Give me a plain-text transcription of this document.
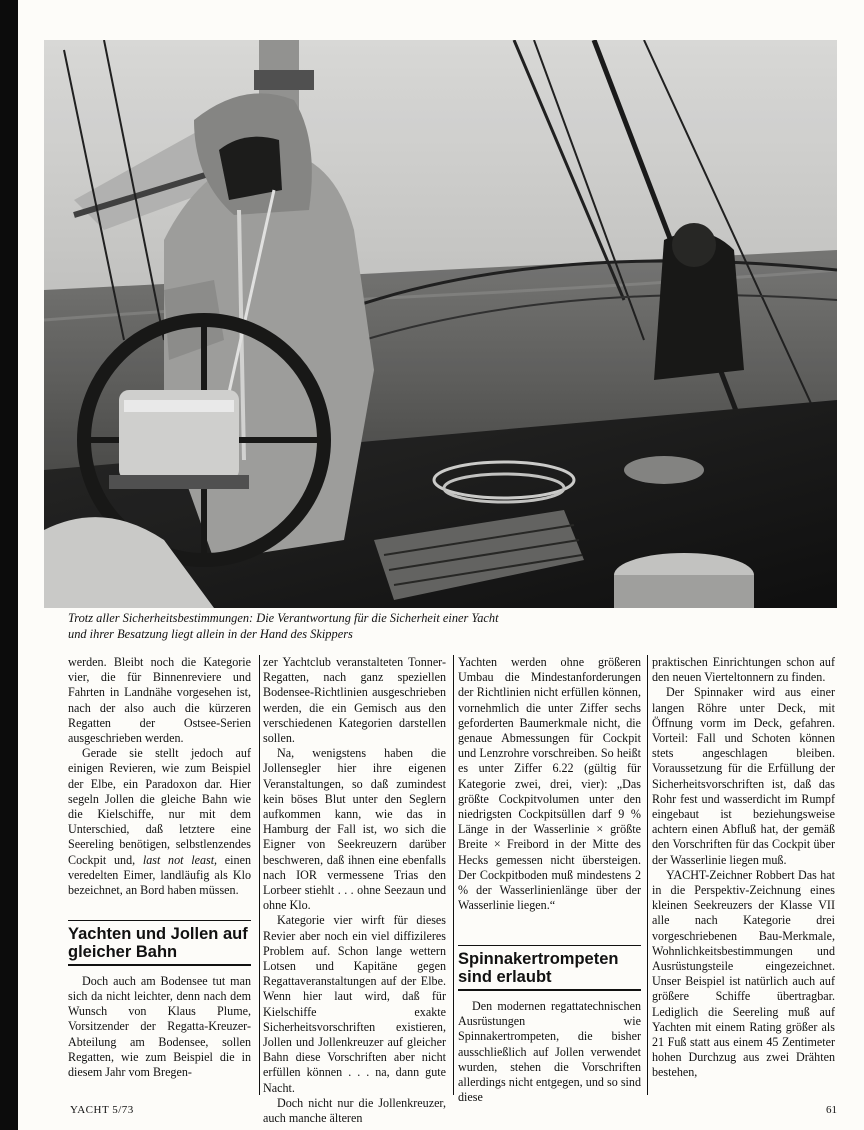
Trotz aller Sicherheitsbestimmungen: Die Verantwortung für die Sicherheit einer Yacht
und ihrer Besatzung liegt allein in der Hand des Skippers

werden. Bleibt noch die Kategorie vier, die für Binnenreviere und Fahrten in Landnähe vorgesehen ist, nach der also auch die kürzeren Regatten der Ostsee-Serien ausgeschrieben werden.

Gerade sie stellt jedoch auf einigen Revieren, wie zum Beispiel der Elbe, ein Paradoxon dar. Hier segeln Jollen die gleiche Bahn wie die Kielschiffe, nur mit dem Unterschied, daß letztere eine Seereling benötigen, selbstlenzendes Cockpit und, last not least, einen veredelten Eimer, landläufig als Klo bezeichnet, an Bord haben müssen.

Yachten und Jollen auf gleicher Bahn

Doch auch am Bodensee tut man sich da nicht leichter, denn nach dem Wunsch von Klaus Plume, Vorsitzender der Regatta-Kreuzer-Abteilung am Bodensee, sollen Regatten, wie zum Beispiel die in diesem Jahr vom Bregen-

zer Yachtclub veranstalteten Tonner-Regatten, nach ganz speziellen Bodensee-Richtlinien ausgeschrieben werden, die ein Gemisch aus den verschiedenen Kategorien darstellen sollen.

Na, wenigstens haben die Jollensegler hier ihre eigenen Veranstaltungen, so daß zumindest kein böses Blut unter den Seglern aufkommen kann, wie das in Hamburg der Fall ist, wo sich die Eigner von Seekreuzern darüber beschweren, daß ihnen eine ebenfalls nach IOR vermessene Trias den Lorbeer stiehlt . . . ohne Seezaun und ohne Klo.

Kategorie vier wirft für dieses Revier aber noch ein viel diffizileres Problem auf. Schon lange wettern Lotsen und Kapitäne gegen Regattaveranstaltungen auf der Elbe. Wenn hier laut wird, daß für Kielschiffe exakte Sicherheitsvorschriften existieren, Jollen und Jollenkreuzer auf gleicher Bahn diese Vorschriften aber nicht erfüllen können . . . na, dann gute Nacht.

Doch nicht nur die Jollenkreuzer, auch manche älteren

Yachten werden ohne größeren Umbau die Mindestanforderungen der Richtlinien nicht erfüllen können, vornehmlich die unter Ziffer sechs geforderten Baumerkmale nicht, die genaue Abmessungen für Cockpit und Lenzrohre vorschreiben. So heißt es unter Ziffer 6.22 (gültig für Kategorie zwei, drei, vier): „Das größte Cockpitvolumen unter den niedrigsten Cockpitsüllen darf 9 % Länge in der Wasserlinie × größte Breite × Freibord in der Mitte des Hecks gemessen nicht übersteigen. Der Cockpitboden muß mindestens 2 % der Wasserlinienlänge über der Wasserlinie liegen.“

Spinnakertrompeten sind erlaubt

Den modernen regattatechnischen Ausrüstungen wie Spinnakertrompeten, die bisher ausschließlich auf Jollen verwendet wurden, stehen die Vorschriften allerdings nicht entgegen, und so sind diese

praktischen Einrichtungen schon auf den neuen Vierteltonnern zu finden.

Der Spinnaker wird aus einer langen Röhre unter Deck, mit Öffnung vorm im Deck, gefahren. Vorteil: Fall und Schoten können stets angeschlagen bleiben. Voraussetzung für die Erfüllung der Sicherheitsvorschriften ist, daß das Rohr fest und wasserdicht im Rumpf eingebaut ist beziehungsweise achtern einen Abfluß hat, der gemäß den Vorschriften für das Cockpit über der Wasserlinie liegen muß.

YACHT-Zeichner Robbert Das hat in die Perspektiv-Zeichnung eines kleinen Seekreuzers der Klasse VII alle nach Kategorie drei vorgeschriebenen Bau-Merkmale, Wohnlichkeitsbestimmungen und Ausrüstungsteile eingezeichnet. Unser Beispiel ist natürlich auch auf größere Schiffe übertragbar. Lediglich die Seereling muß auf Yachten mit einem Rating größer als 21 Fuß statt aus einem 45 Zentimeter hohen Durchzug aus zwei Drähten bestehen,

YACHT 5/73	61
